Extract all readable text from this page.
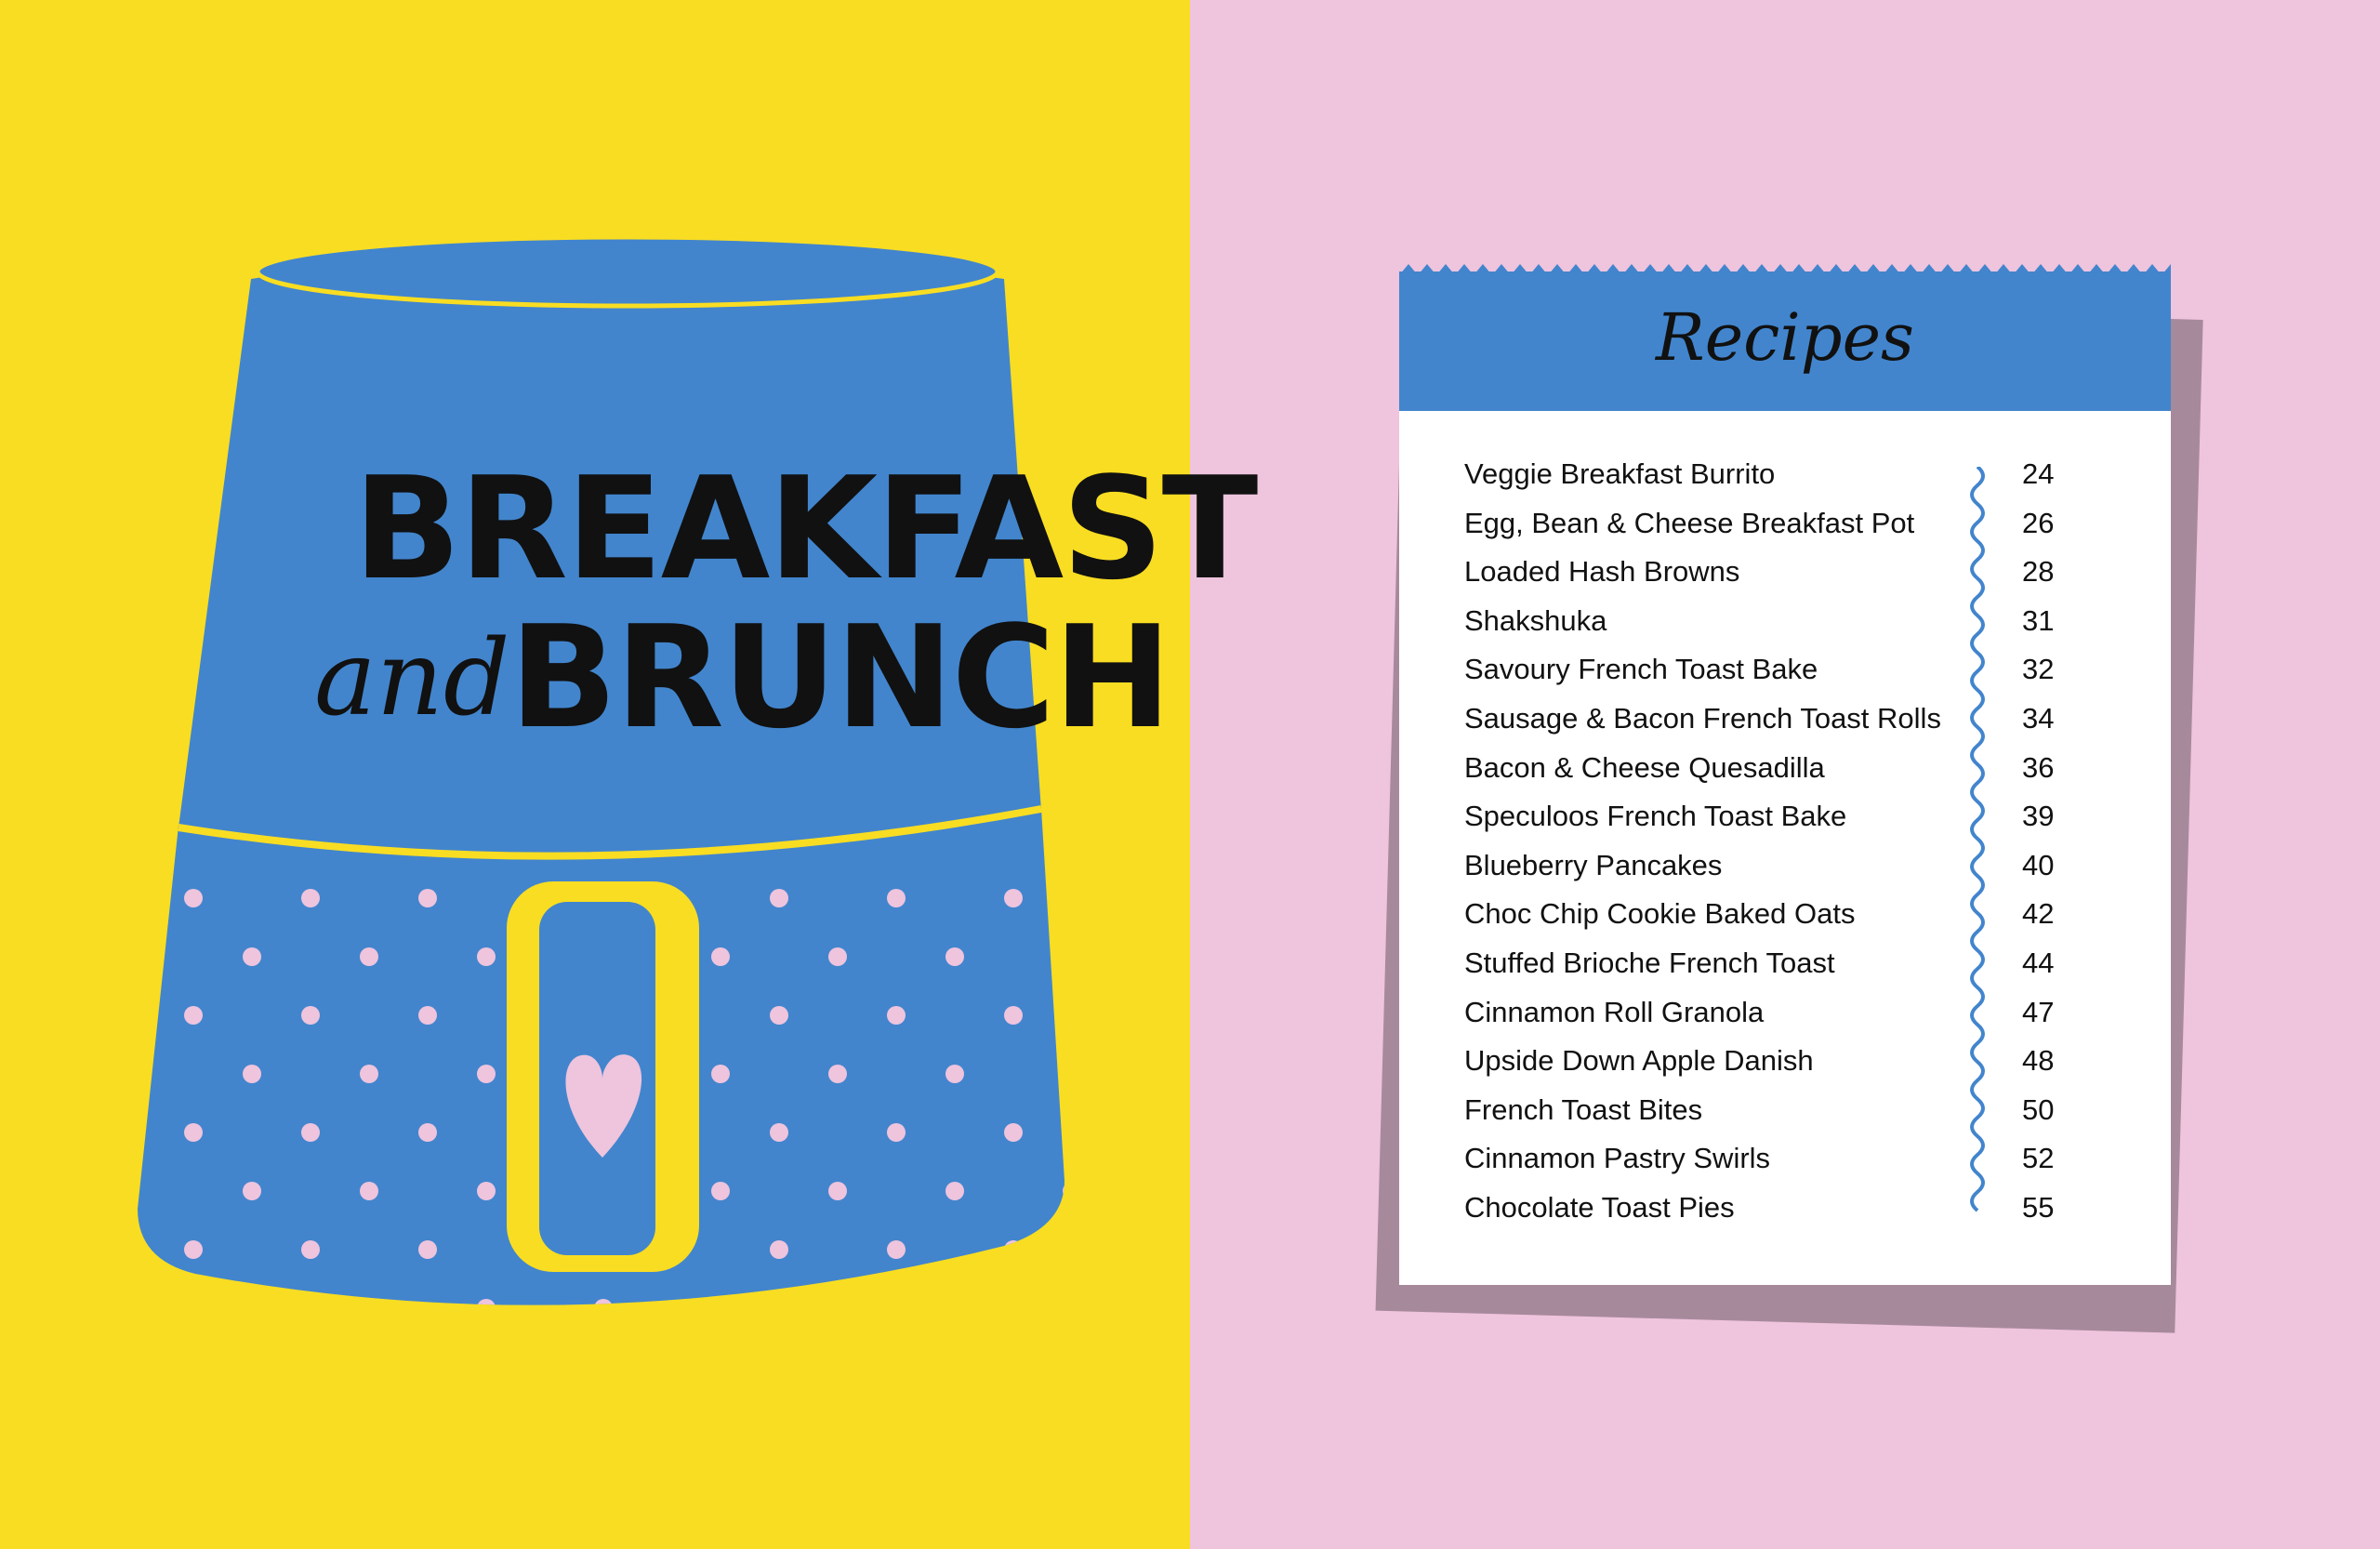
BREAKFAST
and BRUNCH
Recipes
Veggie Breakfast Burrito	24
Egg, Bean & Cheese Breakfast Pot	26
Loaded Hash Browns	28
Shakshuka	31
Savoury French Toast Bake	32
Sausage & Bacon French Toast Rolls	34
Bacon & Cheese Quesadilla	36
Speculoos French Toast Bake	39
Blueberry Pancakes	40
Choc Chip Cookie Baked Oats	42
Stuffed Brioche French Toast	44
Cinnamon Roll Granola	47
Upside Down Apple Danish	48
French Toast Bites	50
Cinnamon Pastry Swirls	52
Chocolate Toast Pies	55
